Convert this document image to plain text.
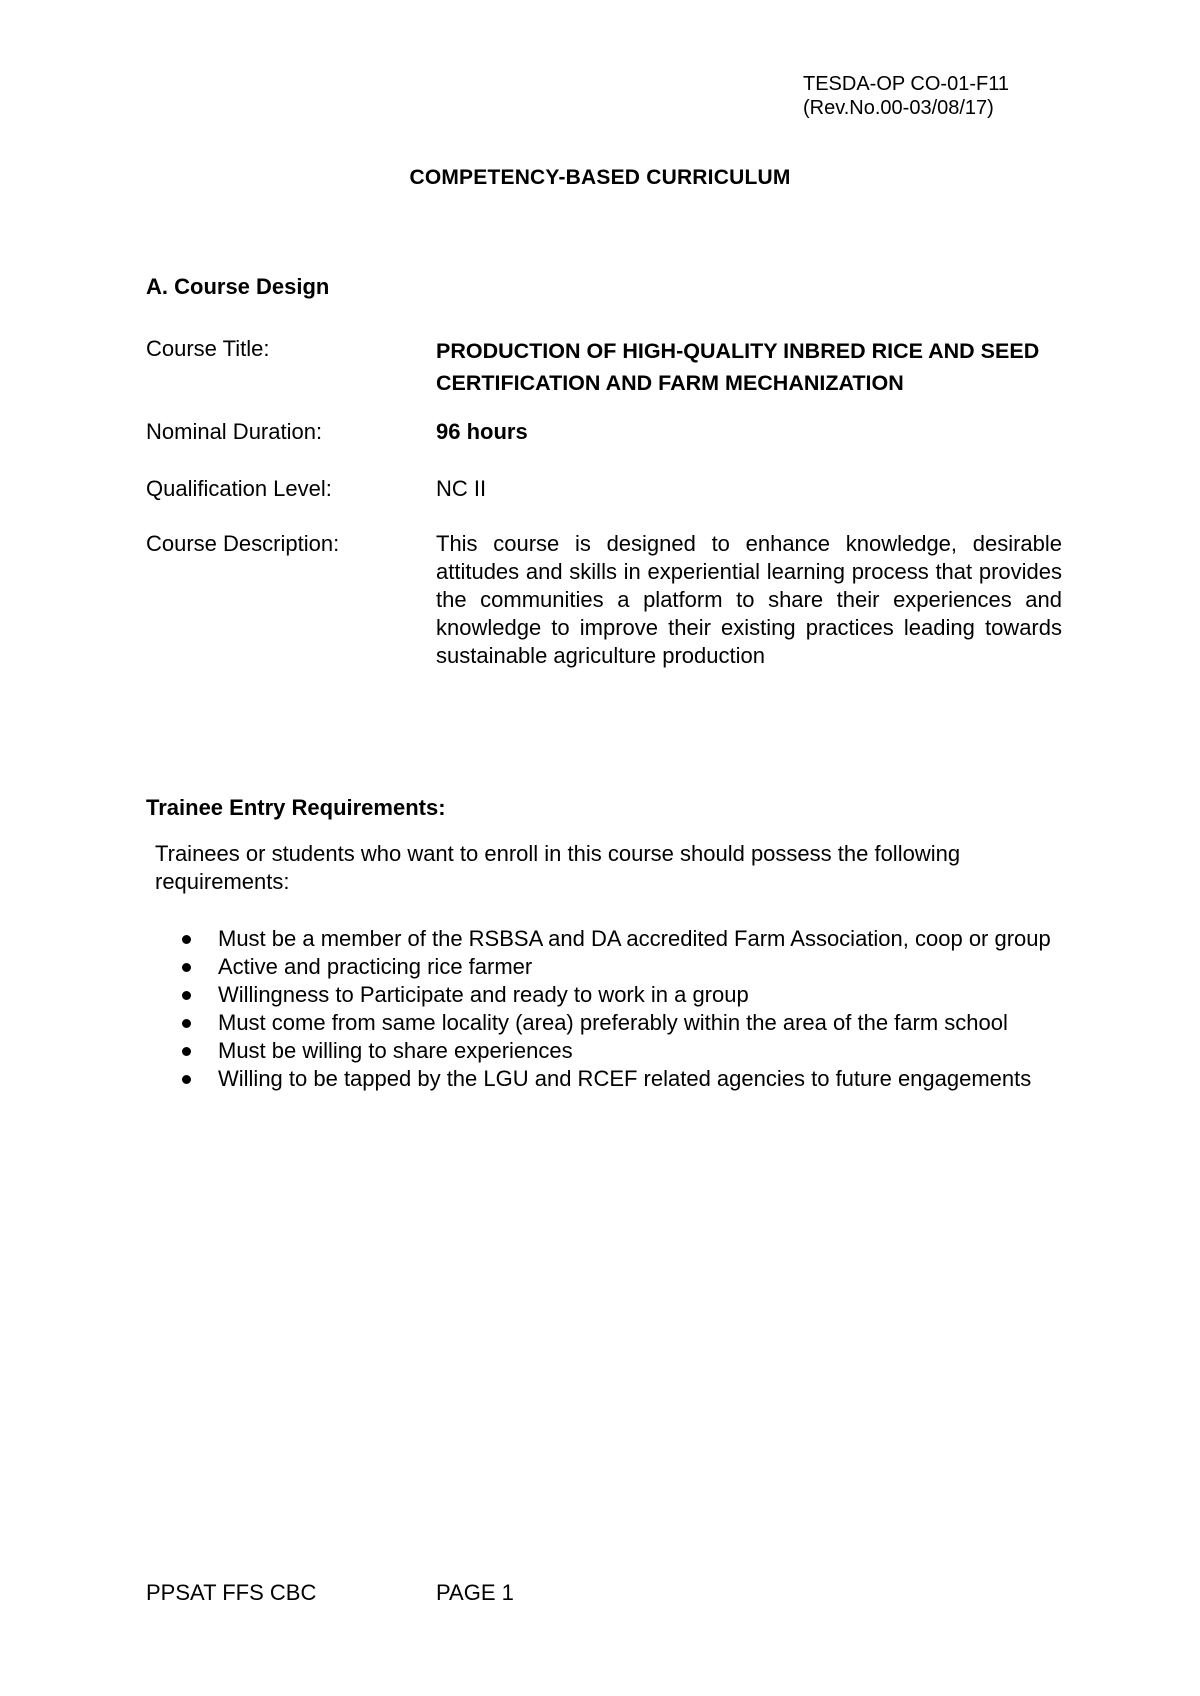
TESDA-OP CO-01-F11
(Rev.No.00-03/08/17)
COMPETENCY-BASED CURRICULUM
A. Course Design
Course Title:	PRODUCTION OF HIGH-QUALITY INBRED RICE AND SEED CERTIFICATION AND FARM MECHANIZATION
Nominal Duration:	96 hours
Qualification Level:	NC II
Course Description:	This course is designed to enhance knowledge, desirable attitudes and skills in experiential learning process that provides the communities a platform to share their experiences and knowledge to improve their existing practices leading towards sustainable agriculture production
Trainee Entry Requirements:
Trainees or students who want to enroll in this course should possess the following requirements:
Must be a member of the RSBSA and DA accredited Farm Association, coop or group
Active and practicing rice farmer
Willingness to Participate and ready to work in a group
Must come from same locality (area) preferably within the area of the farm school
Must be willing to share experiences
Willing to be tapped by the LGU and RCEF related agencies to future engagements
PPSAT FFS CBC	PAGE 1
